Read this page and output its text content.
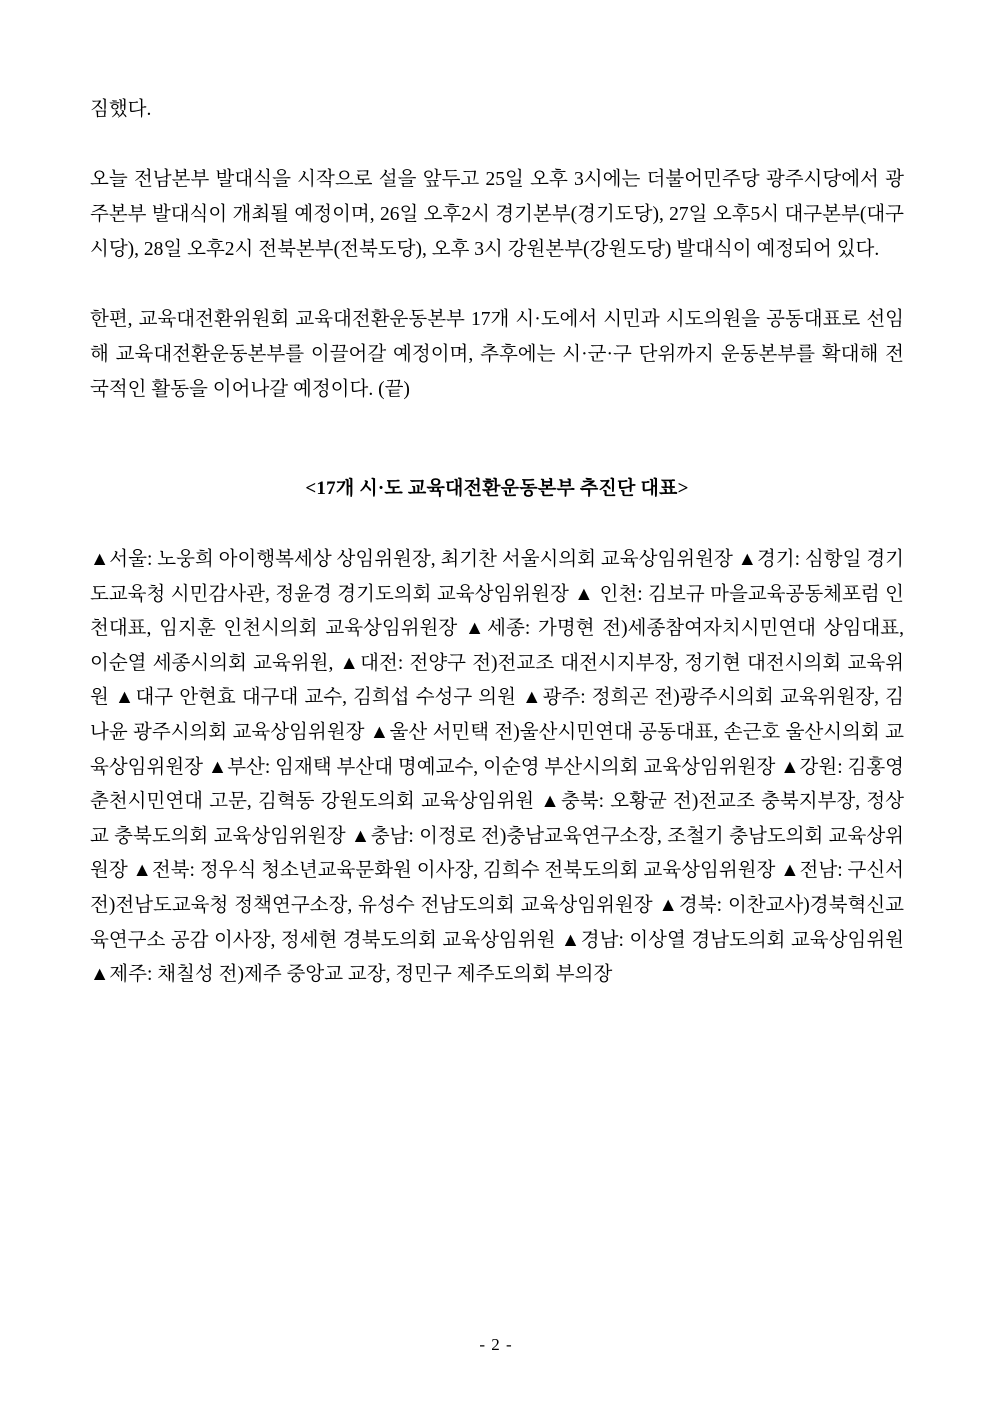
짐했다.

오늘 전남본부 발대식을 시작으로 설을 앞두고 25일 오후 3시에는 더불어민주당 광주시당에서 광주본부 발대식이 개최될 예정이며, 26일 오후2시 경기본부(경기도당), 27일 오후5시 대구본부(대구시당), 28일 오후2시 전북본부(전북도당), 오후 3시 강원본부(강원도당) 발대식이 예정되어 있다.

한편, 교육대전환위원회 교육대전환운동본부 17개 시·도에서 시민과 시도의원을 공동대표로 선임해 교육대전환운동본부를 이끌어갈 예정이며, 추후에는 시·군·구 단위까지 운동본부를 확대해 전국적인 활동을 이어나갈 예정이다. (끝)

<17개 시·도 교육대전환운동본부 추진단 대표>

▲서울: 노웅희 아이행복세상 상임위원장, 최기찬 서울시의회 교육상임위원장 ▲경기: 심항일 경기도교육청 시민감사관, 정윤경 경기도의회 교육상임위원장 ▲ 인천: 김보규 마을교육공동체포럼 인천대표, 임지훈 인천시의회 교육상임위원장 ▲세종: 가명현 전)세종참여자치시민연대 상임대표, 이순열 세종시의회 교육위원, ▲대전: 전양구 전)전교조 대전시지부장, 정기현 대전시의회 교육위원 ▲대구 안현효 대구대 교수, 김희섭 수성구 의원 ▲광주: 정희곤 전)광주시의회 교육위원장, 김나윤 광주시의회 교육상임위원장 ▲울산 서민택 전)울산시민연대 공동대표, 손근호 울산시의회 교육상임위원장 ▲부산: 임재택 부산대 명예교수, 이순영 부산시의회 교육상임위원장 ▲강원: 김홍영 춘천시민연대 고문, 김혁동 강원도의회 교육상임위원 ▲충북: 오황균 전)전교조 충북지부장, 정상교 충북도의회 교육상임위원장 ▲충남: 이정로 전)충남교육연구소장, 조철기 충남도의회 교육상위원장 ▲전북: 정우식 청소년교육문화원 이사장, 김희수 전북도의회 교육상임위원장 ▲전남: 구신서 전)전남도교육청 정책연구소장, 유성수 전남도의회 교육상임위원장 ▲경북: 이찬교사)경북혁신교육연구소 공감 이사장, 정세현 경북도의회 교육상임위원 ▲경남: 이상열 경남도의회 교육상임위원 ▲제주: 채칠성 전)제주 중앙교 교장, 정민구 제주도의회 부의장

- 2 -
